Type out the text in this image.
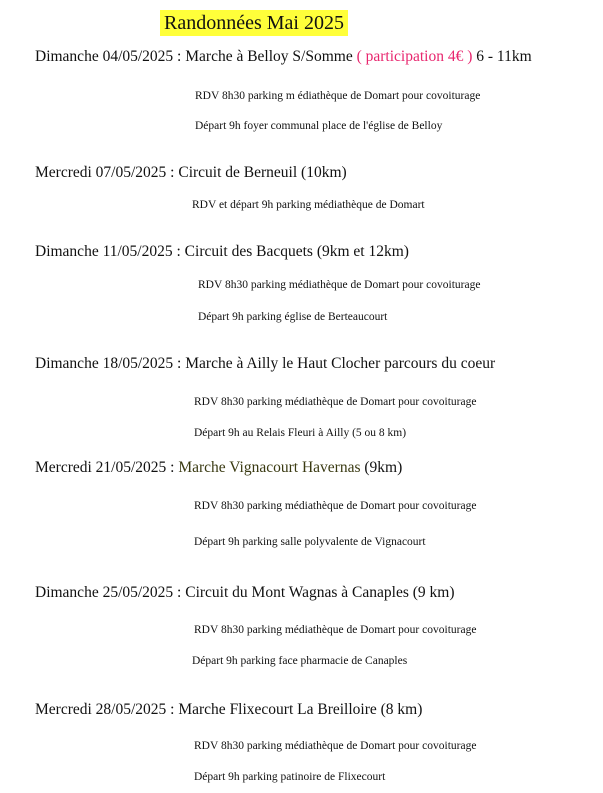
Randonnées Mai 2025
Dimanche 04/05/2025 : Marche à Belloy S/Somme ( participation 4€ ) 6 - 11km
RDV 8h30 parking m édiathèque de Domart pour covoiturage
Départ 9h foyer communal place de l'église de Belloy
Mercredi 07/05/2025 : Circuit de Berneuil (10km)
RDV et départ 9h parking médiathèque de Domart
Dimanche 11/05/2025 : Circuit des Bacquets (9km et 12km)
RDV 8h30 parking médiathèque de Domart pour covoiturage
Départ 9h parking église de Berteaucourt
Dimanche 18/05/2025 : Marche à Ailly le Haut Clocher parcours du coeur
RDV 8h30 parking médiathèque de Domart pour covoiturage
Départ 9h au Relais Fleuri à Ailly (5 ou 8 km)
Mercredi 21/05/2025 : Marche Vignacourt Havernas (9km)
RDV 8h30 parking médiathèque de Domart pour covoiturage
Départ 9h parking salle polyvalente de Vignacourt
Dimanche 25/05/2025 : Circuit du Mont Wagnas à Canaples (9 km)
RDV 8h30 parking médiathèque de Domart pour covoiturage
Départ 9h parking face pharmacie de Canaples
Mercredi 28/05/2025 : Marche Flixecourt La Breilloire (8 km)
RDV 8h30 parking médiathèque de Domart pour covoiturage
Départ 9h parking patinoire de Flixecourt
